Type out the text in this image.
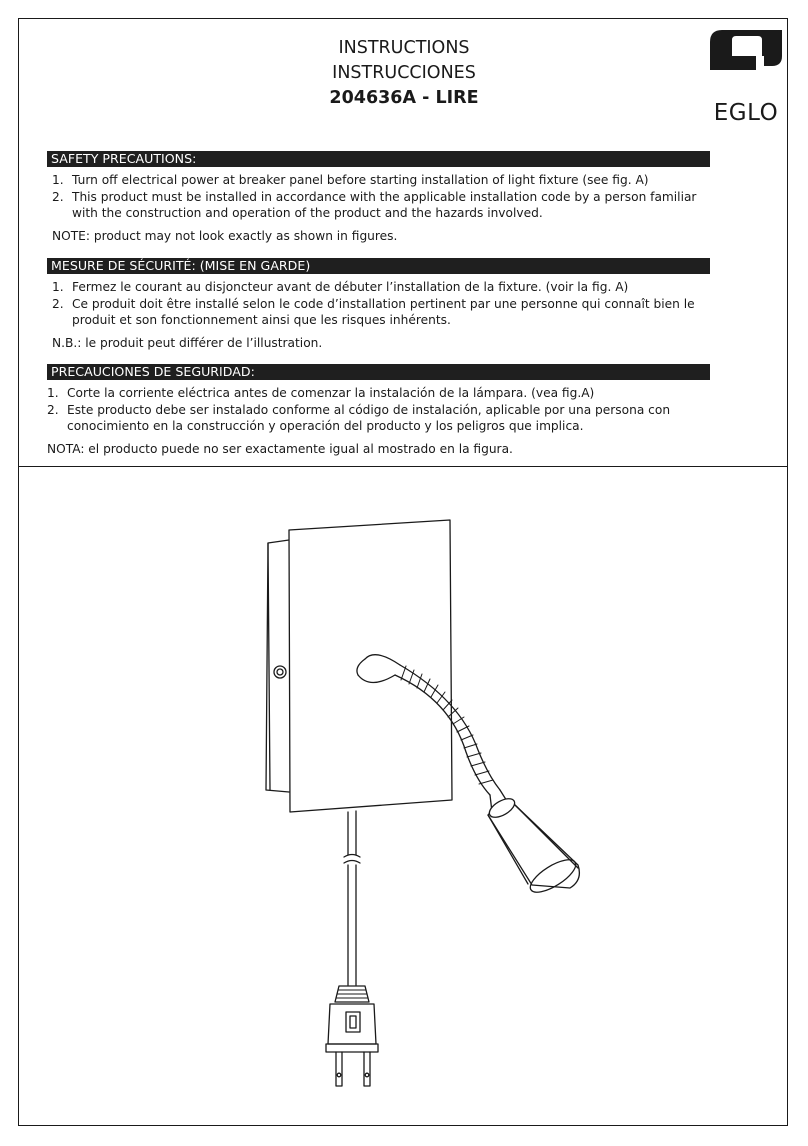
INSTRUCTIONS
INSTRUCCIONES
204636A - LIRE
EGLO
SAFETY PRECAUTIONS:
1. Turn off electrical power at breaker panel before starting installation of light fixture (see fig. A)
2. This product must be installed in accordance with the applicable installation code by a person familiar with the construction and operation of the product and the hazards involved.
NOTE: product may not look exactly as shown in figures.
MESURE DE SÉCURITÉ: (MISE EN GARDE)
1. Fermez le courant au disjoncteur avant de débuter l’installation de la fixture. (voir la fig. A)
2. Ce produit doit être installé selon le code d’installation pertinent par une personne qui connaît bien le produit et son fonctionnement ainsi que les risques inhérents.
N.B.: le produit peut différer de l’illustration.
PRECAUCIONES DE SEGURIDAD:
1. Corte la corriente eléctrica antes de comenzar la instalación de la lámpara. (vea fig.A)
2. Este producto debe ser instalado conforme al código de instalación, aplicable por una persona con conocimiento en la construcción y operación del producto y los peligros que implica.
NOTA: el producto puede no ser exactamente igual al mostrado en la figura.
